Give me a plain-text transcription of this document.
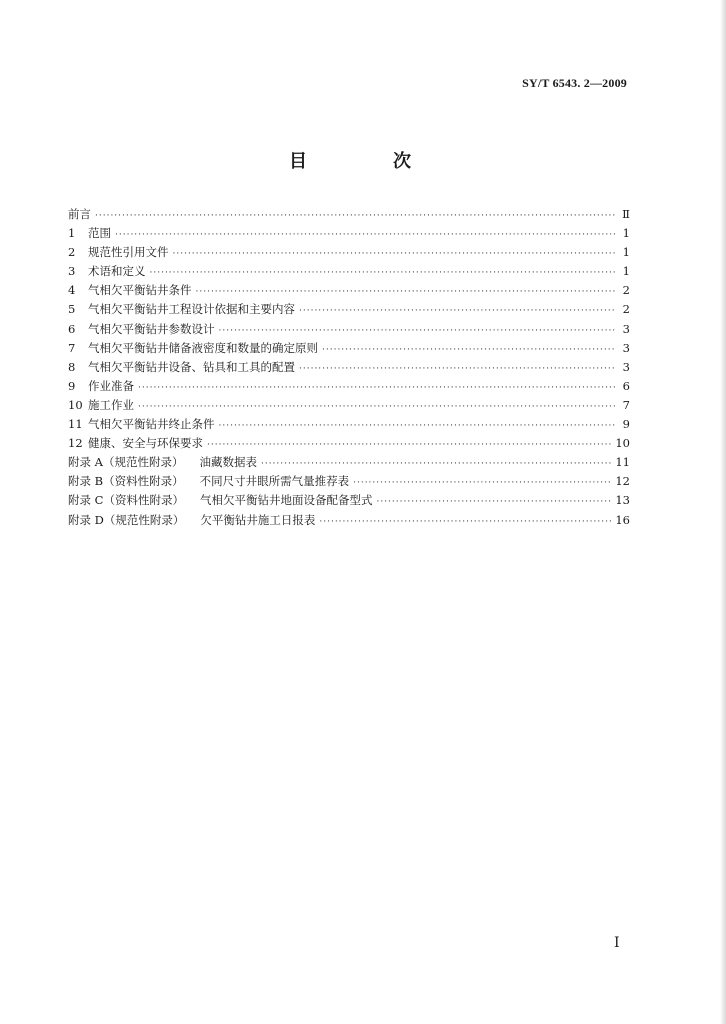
SY/T 6543. 2—2009
目　次
前言 ·····	Ⅱ
1	范围 ·····	1
2	规范性引用文件 ·····	1
3	术语和定义 ·····	1
4	气相欠平衡钻井条件 ·····	2
5	气相欠平衡钻井工程设计依据和主要内容 ·····	2
6	气相欠平衡钻井参数设计 ·····	3
7	气相欠平衡钻井储备液密度和数量的确定原则 ·····	3
8	气相欠平衡钻井设备、钻具和工具的配置 ·····	3
9	作业准备 ·····	6
10 施工作业 ·····	7
11 气相欠平衡钻井终止条件 ·····	9
12 健康、安全与环保要求 ·····	10
附录 A（规范性附录） 油藏数据表 ·····	11
附录 B（资料性附录） 不同尺寸井眼所需气量推荐表 ·····	12
附录 C（资料性附录） 气相欠平衡钻井地面设备配备型式 ·····	13
附录 D（规范性附录） 欠平衡钻井施工日报表 ·····	16
I
